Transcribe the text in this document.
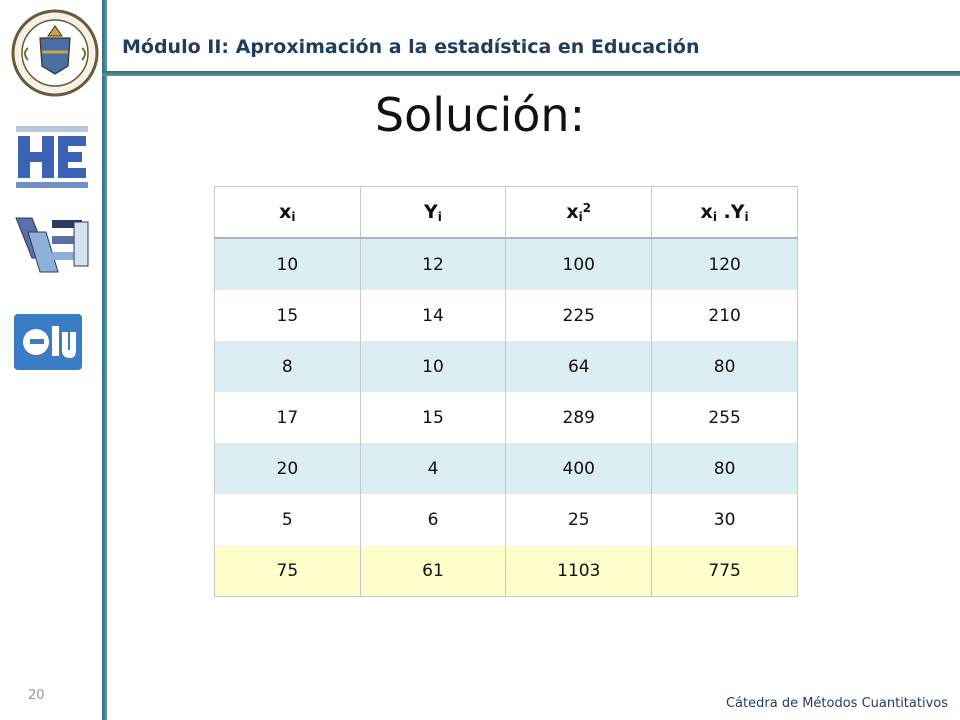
Módulo II: Aproximación a la estadística en Educación
Solución:
$x_i$	$Y_i$	$x_i^2$	$x_i$ $.Y_i$
10	12	100	120
15	14	225	210
8	10	64	80
17	15	289	255
20	4	400	80
5	6	25	30
75	61	1103	775
20
Cátedra de Métodos Cuantitativos
